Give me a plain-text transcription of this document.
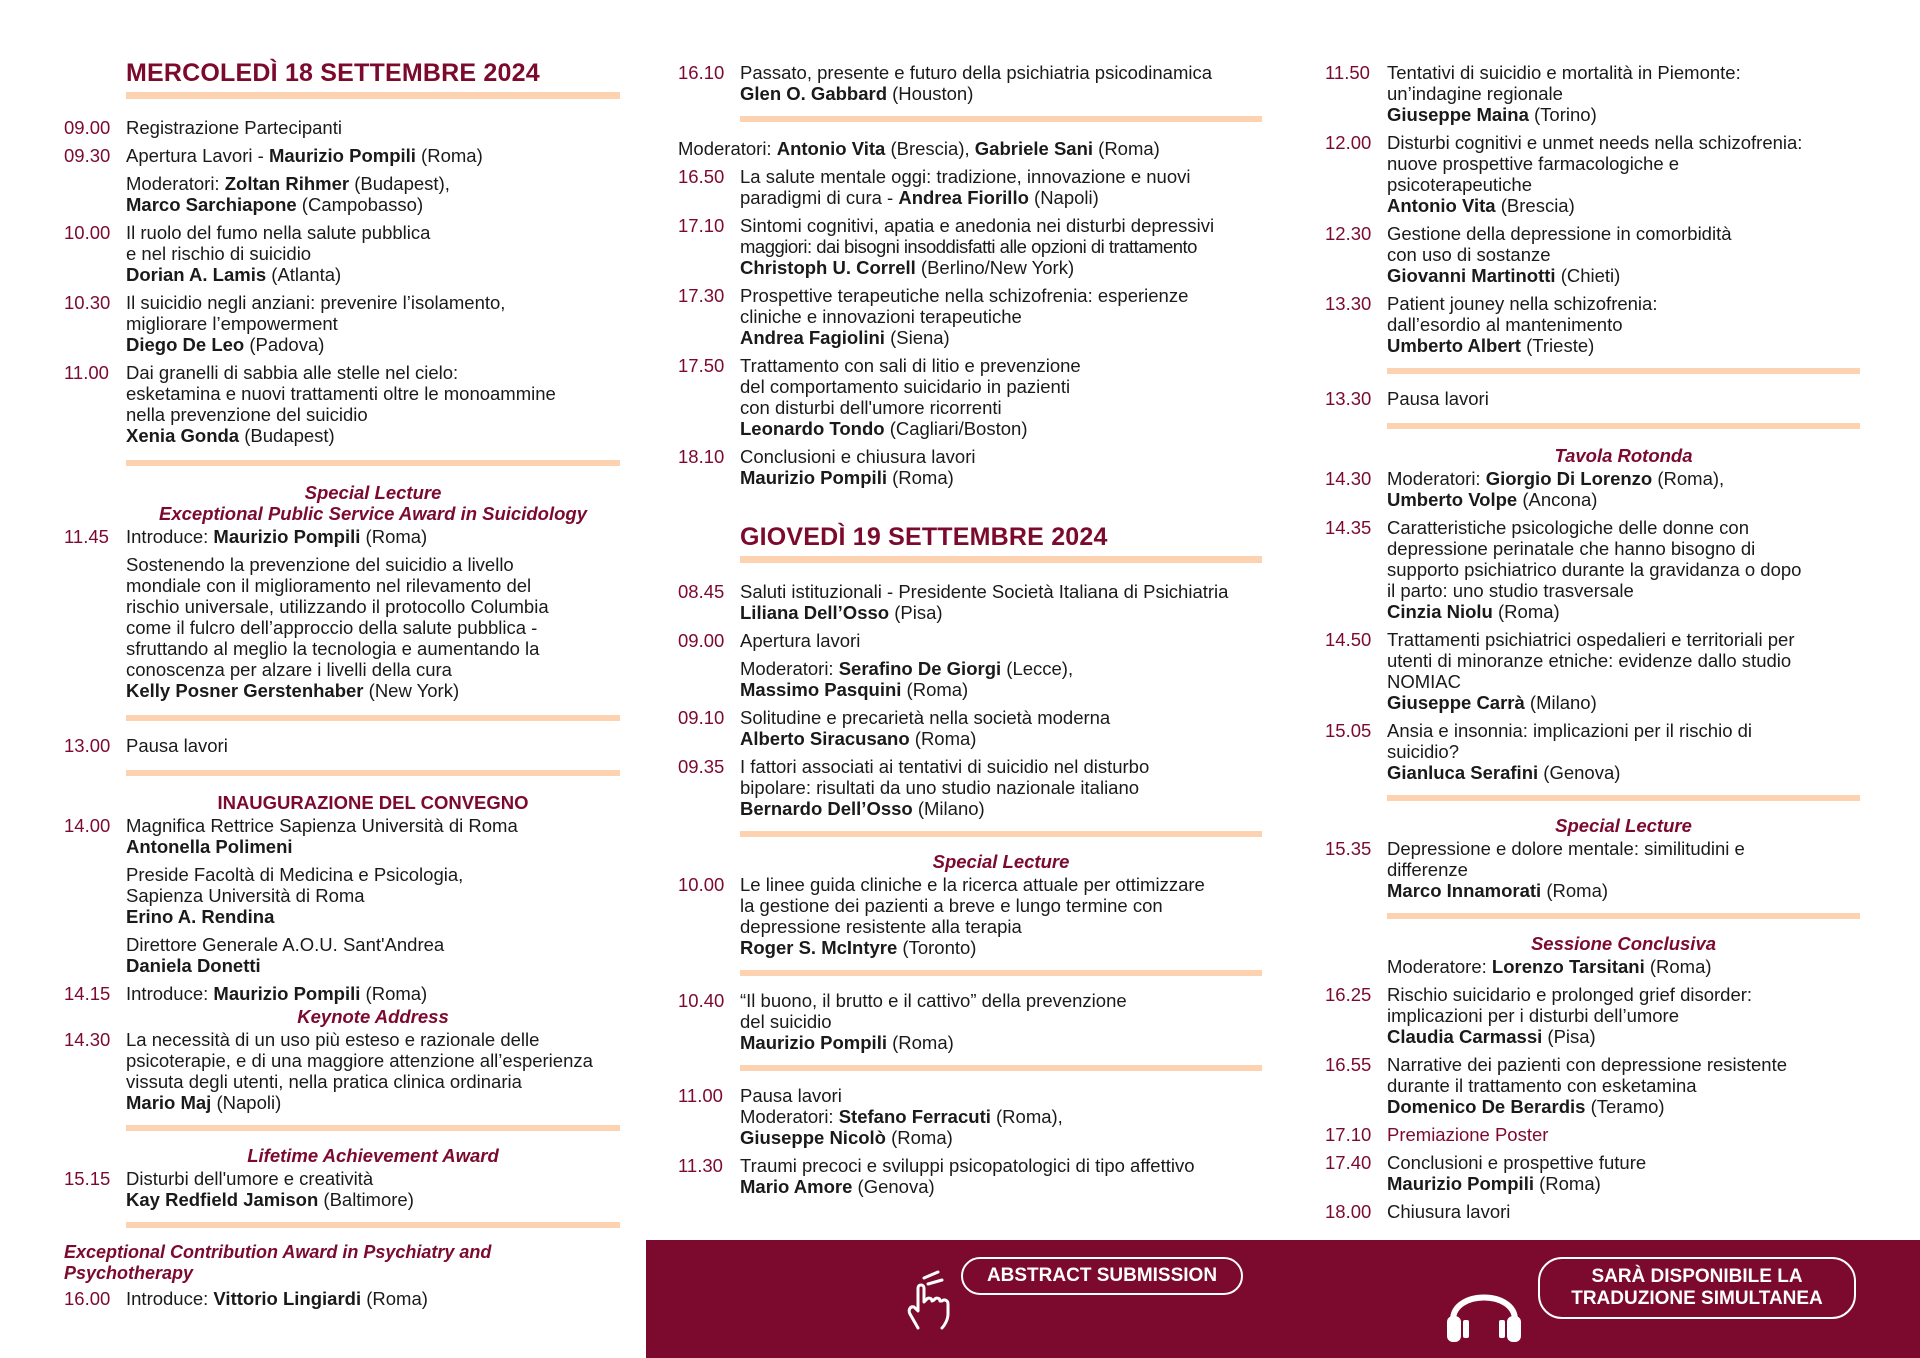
MERCOLEDÌ 18 SETTEMBRE 2024
09.00 Registrazione Partecipanti
09.30 Apertura Lavori - Maurizio Pompili (Roma)
Moderatori: Zoltan Rihmer (Budapest),
Marco Sarchiapone (Campobasso)
10.00 Il ruolo del fumo nella salute pubblica
e nel rischio di suicidio
Dorian A. Lamis (Atlanta)
10.30 Il suicidio negli anziani: prevenire l’isolamento,
migliorare l’empowerment
Diego De Leo (Padova)
11.00 Dai granelli di sabbia alle stelle nel cielo:
esketamina e nuovi trattamenti oltre le monoammine
nella prevenzione del suicidio
Xenia Gonda (Budapest)
Special Lecture
Exceptional Public Service Award in Suicidology
11.45 Introduce: Maurizio Pompili (Roma)
Sostenendo la prevenzione del suicidio a livello
mondiale con il miglioramento nel rilevamento del
rischio universale, utilizzando il protocollo Columbia
come il fulcro dell’approccio della salute pubblica -
sfruttando al meglio la tecnologia e aumentando la
conoscenza per alzare i livelli della cura
Kelly Posner Gerstenhaber (New York)
13.00 Pausa lavori
INAUGURAZIONE DEL CONVEGNO
14.00 Magnifica Rettrice Sapienza Università di Roma
Antonella Polimeni
Preside Facoltà di Medicina e Psicologia,
Sapienza Università di Roma
Erino A. Rendina
Direttore Generale A.O.U. Sant'Andrea
Daniela Donetti
14.15 Introduce: Maurizio Pompili (Roma)
Keynote Address
14.30 La necessità di un uso più esteso e razionale delle
psicoterapie, e di una maggiore attenzione all’esperienza
vissuta degli utenti, nella pratica clinica ordinaria
Mario Maj (Napoli)
Lifetime Achievement Award
15.15 Disturbi dell'umore e creatività
Kay Redfield Jamison (Baltimore)
Exceptional Contribution Award in Psychiatry and Psychotherapy
16.00 Introduce: Vittorio Lingiardi (Roma)
16.10 Passato, presente e futuro della psichiatria psicodinamica
Glen O. Gabbard (Houston)
Moderatori: Antonio Vita (Brescia), Gabriele Sani (Roma)
16.50 La salute mentale oggi: tradizione, innovazione e nuovi
paradigmi di cura - Andrea Fiorillo (Napoli)
17.10 Sintomi cognitivi, apatia e anedonia nei disturbi depressivi
maggiori: dai bisogni insoddisfatti alle opzioni di trattamento
Christoph U. Correll (Berlino/New York)
17.30 Prospettive terapeutiche nella schizofrenia: esperienze
cliniche e innovazioni terapeutiche
Andrea Fagiolini (Siena)
17.50 Trattamento con sali di litio e prevenzione
del comportamento suicidario in pazienti
con disturbi dell'umore ricorrenti
Leonardo Tondo (Cagliari/Boston)
18.10 Conclusioni e chiusura lavori
Maurizio Pompili (Roma)
GIOVEDÌ 19 SETTEMBRE 2024
08.45 Saluti istituzionali - Presidente Società Italiana di Psichiatria
Liliana Dell’Osso (Pisa)
09.00 Apertura lavori
Moderatori: Serafino De Giorgi (Lecce),
Massimo Pasquini (Roma)
09.10 Solitudine e precarietà nella società moderna
Alberto Siracusano (Roma)
09.35 I fattori associati ai tentativi di suicidio nel disturbo
bipolare: risultati da uno studio nazionale italiano
Bernardo Dell’Osso (Milano)
Special Lecture
10.00 Le linee guida cliniche e la ricerca attuale per ottimizzare
la gestione dei pazienti a breve e lungo termine con
depressione resistente alla terapia
Roger S. McIntyre (Toronto)
10.40 “Il buono, il brutto e il cattivo” della prevenzione
del suicidio
Maurizio Pompili (Roma)
11.00 Pausa lavori
Moderatori: Stefano Ferracuti (Roma),
Giuseppe Nicolò (Roma)
11.30 Traumi precoci e sviluppi psicopatologici di tipo affettivo
Mario Amore (Genova)
11.50 Tentativi di suicidio e mortalità in Piemonte:
un’indagine regionale
Giuseppe Maina (Torino)
12.00 Disturbi cognitivi e unmet needs nella schizofrenia:
nuove prospettive farmacologiche e
psicoterapeutiche
Antonio Vita (Brescia)
12.30 Gestione della depressione in comorbidità
con uso di sostanze
Giovanni Martinotti (Chieti)
13.30 Patient jouney nella schizofrenia:
dall’esordio al mantenimento
Umberto Albert (Trieste)
13.30 Pausa lavori
Tavola Rotonda
14.30 Moderatori: Giorgio Di Lorenzo (Roma),
Umberto Volpe (Ancona)
14.35 Caratteristiche psicologiche delle donne con
depressione perinatale che hanno bisogno di
supporto psichiatrico durante la gravidanza o dopo
il parto: uno studio trasversale
Cinzia Niolu (Roma)
14.50 Trattamenti psichiatrici ospedalieri e territoriali per
utenti di minoranze etniche: evidenze dallo studio
NOMIAC
Giuseppe Carrà (Milano)
15.05 Ansia e insonnia: implicazioni per il rischio di
suicidio?
Gianluca Serafini (Genova)
Special Lecture
15.35 Depressione e dolore mentale: similitudini e
differenze
Marco Innamorati (Roma)
Sessione Conclusiva
Moderatore: Lorenzo Tarsitani (Roma)
16.25 Rischio suicidario e prolonged grief disorder:
implicazioni per i disturbi dell’umore
Claudia Carmassi (Pisa)
16.55 Narrative dei pazienti con depressione resistente
durante il trattamento con esketamina
Domenico De Berardis (Teramo)
17.10 Premiazione Poster
17.40 Conclusioni e prospettive future
Maurizio Pompili (Roma)
18.00 Chiusura lavori
ABSTRACT SUBMISSION	SARÀ DISPONIBILE LA
TRADUZIONE SIMULTANEA
